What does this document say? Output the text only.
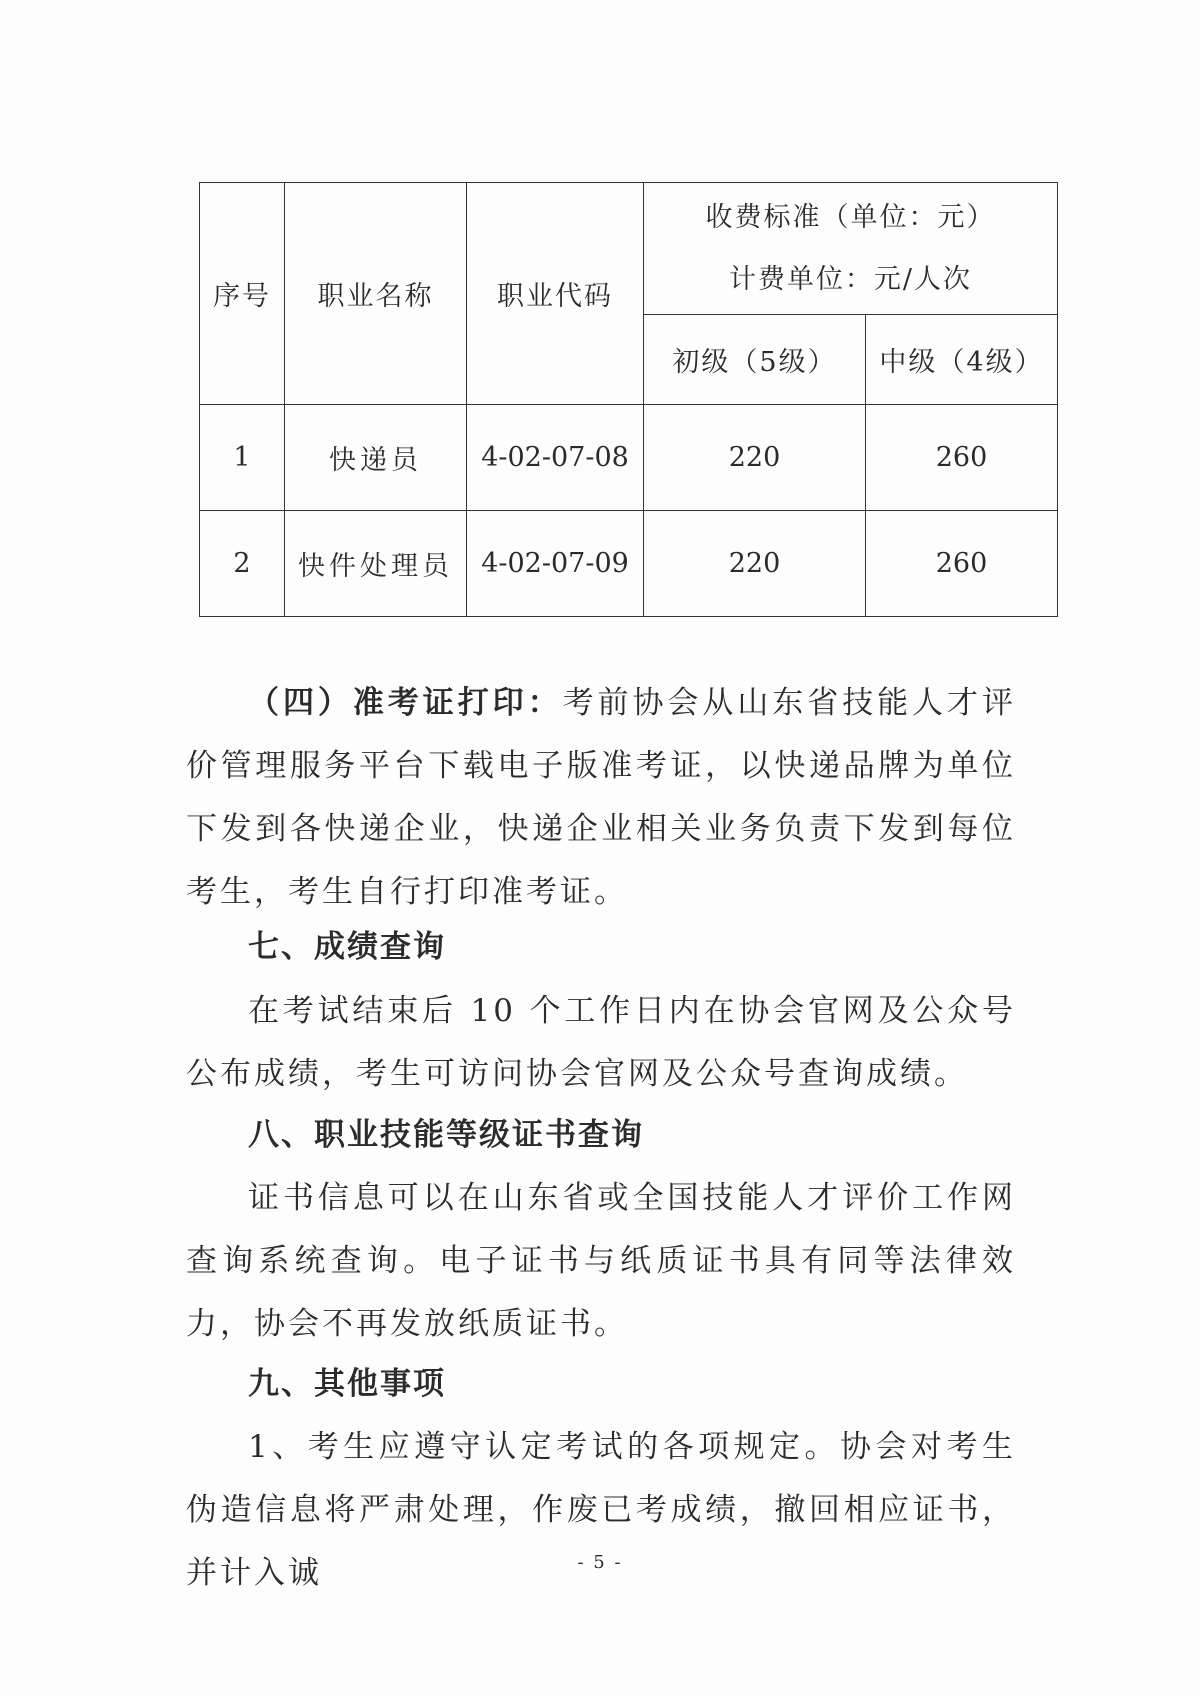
序号	职业名称	职业代码	收费标准（单位：元）
计费单位：元/人次	

			初级（5级）	中级（4级）
1	快递员	4-02-07-08	220	260
2	快件处理员	4-02-07-09	220	260

（四）准考证打印：考前协会从山东省技能人才评价管理服务平台下载电子版准考证，以快递品牌为单位下发到各快递企业，快递企业相关业务负责下发到每位考生，考生自行打印准考证。

七、成绩查询

在考试结束后 10 个工作日内在协会官网及公众号公布成绩，考生可访问协会官网及公众号查询成绩。

八、职业技能等级证书查询

证书信息可以在山东省或全国技能人才评价工作网查询系统查询。电子证书与纸质证书具有同等法律效力，协会不再发放纸质证书。

九、其他事项

1、考生应遵守认定考试的各项规定。协会对考生伪造信息将严肃处理，作废已考成绩，撤回相应证书，并计入诚	- 5 -
